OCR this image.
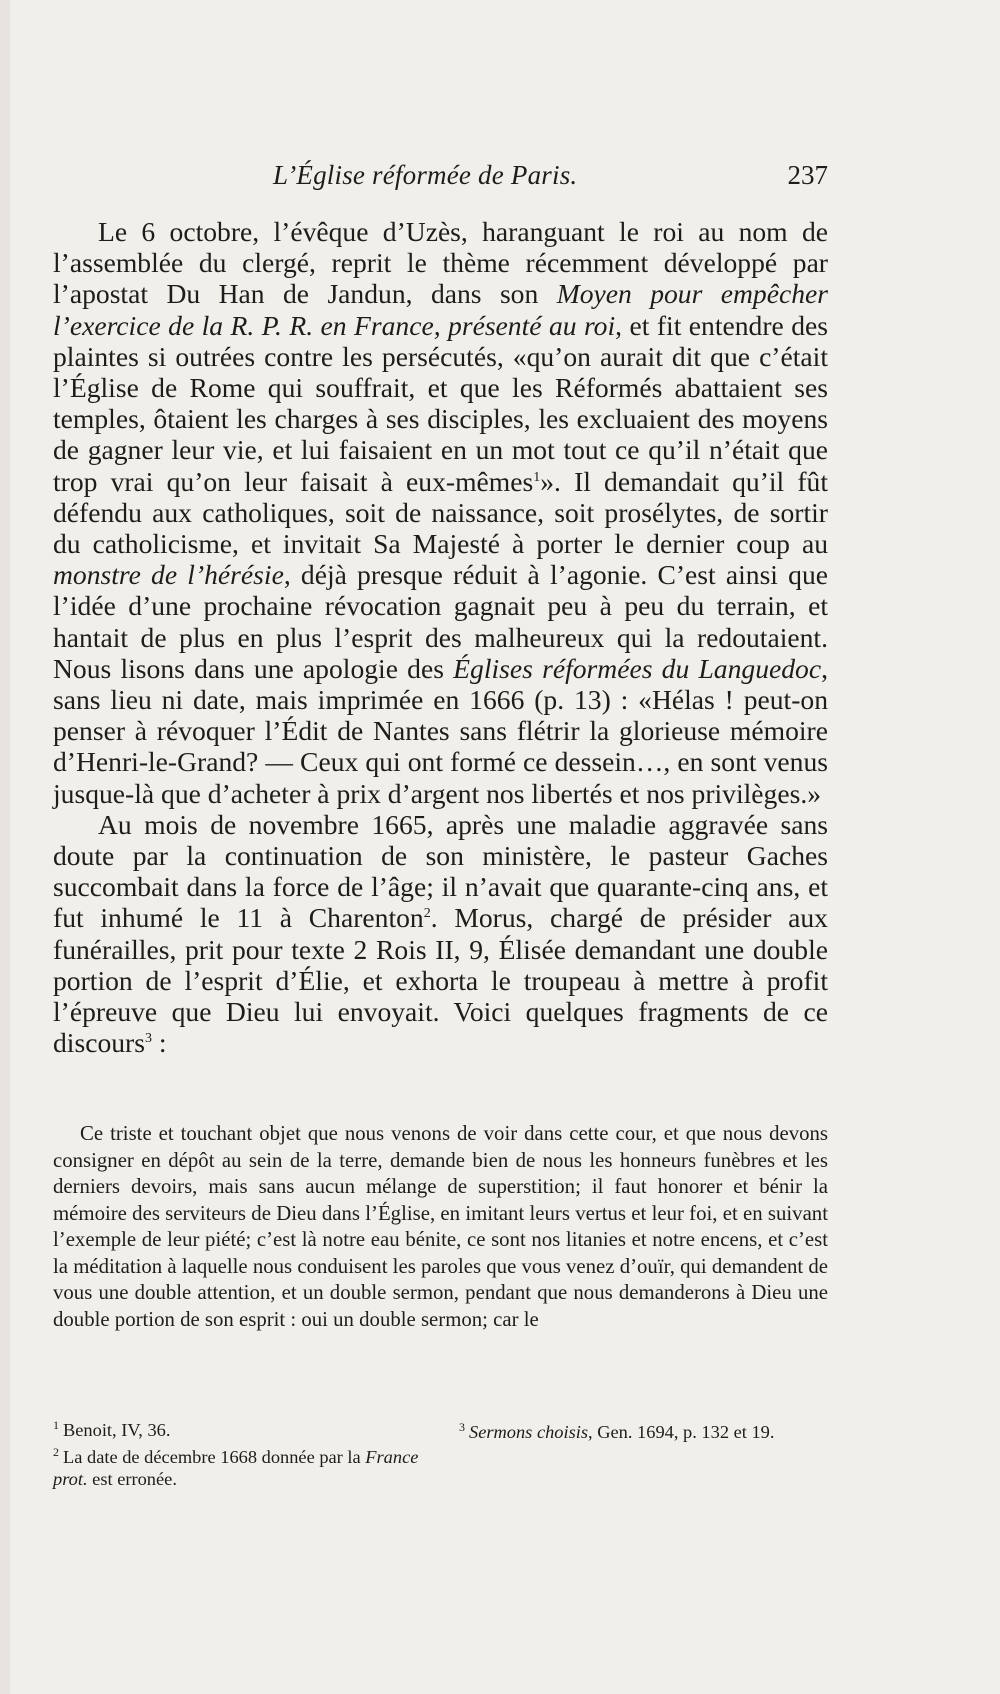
L’Église réformée de Paris.	237

Le 6 octobre, l’évêque d’Uzès, haranguant le roi au nom de l’assemblée du clergé, reprit le thème récemment développé par l’apostat Du Han de Jandun, dans son Moyen pour empêcher l’exercice de la R. P. R. en France, présenté au roi, et fit entendre des plaintes si outrées contre les persécutés, «qu’on aurait dit que c’était l’Église de Rome qui souffrait, et que les Réformés abattaient ses temples, ôtaient les charges à ses disciples, les excluaient des moyens de gagner leur vie, et lui faisaient en un mot tout ce qu’il n’était que trop vrai qu’on leur faisait à eux-mêmes$^1$». Il demandait qu’il fût défendu aux catholiques, soit de naissance, soit prosélytes, de sortir du catholicisme, et invitait Sa Majesté à porter le dernier coup au monstre de l’hérésie, déjà presque réduit à l’agonie. C’est ainsi que l’idée d’une prochaine révocation gagnait peu à peu du terrain, et hantait de plus en plus l’esprit des malheureux qui la redoutaient. Nous lisons dans une apologie des Églises réformées du Languedoc, sans lieu ni date, mais imprimée en 1666 (p. 13) : «Hélas ! peut-on penser à révoquer l’Édit de Nantes sans flétrir la glorieuse mémoire d’Henri-le-Grand? — Ceux qui ont formé ce dessein…, en sont venus jusque-là que d’acheter à prix d’argent nos libertés et nos privilèges.»

Au mois de novembre 1665, après une maladie aggravée sans doute par la continuation de son ministère, le pasteur Gaches succombait dans la force de l’âge; il n’avait que quarante-cinq ans, et fut inhumé le 11 à Charenton$^2$. Morus, chargé de présider aux funérailles, prit pour texte 2 Rois II, 9, Élisée demandant une double portion de l’esprit d’Élie, et exhorta le troupeau à mettre à profit l’épreuve que Dieu lui envoyait. Voici quelques fragments de ce discours$^3$ :

Ce triste et touchant objet que nous venons de voir dans cette cour, et que nous devons consigner en dépôt au sein de la terre, demande bien de nous les honneurs funèbres et les derniers devoirs, mais sans aucun mélange de superstition; il faut honorer et bénir la mémoire des serviteurs de Dieu dans l’Église, en imitant leurs vertus et leur foi, et en suivant l’exemple de leur piété; c’est là notre eau bénite, ce sont nos litanies et notre encens, et c’est la méditation à laquelle nous conduisent les paroles que vous venez d’ouïr, qui demandent de vous une double attention, et un double sermon, pendant que nous demanderons à Dieu une double portion de son esprit : oui un double sermon; car le

$^1$ Benoit, IV, 36.

$^2$ La date de décembre 1668 donnée par la France prot. est erronée.

$^3$ Sermons choisis, Gen. 1694, p. 132 et 19.
